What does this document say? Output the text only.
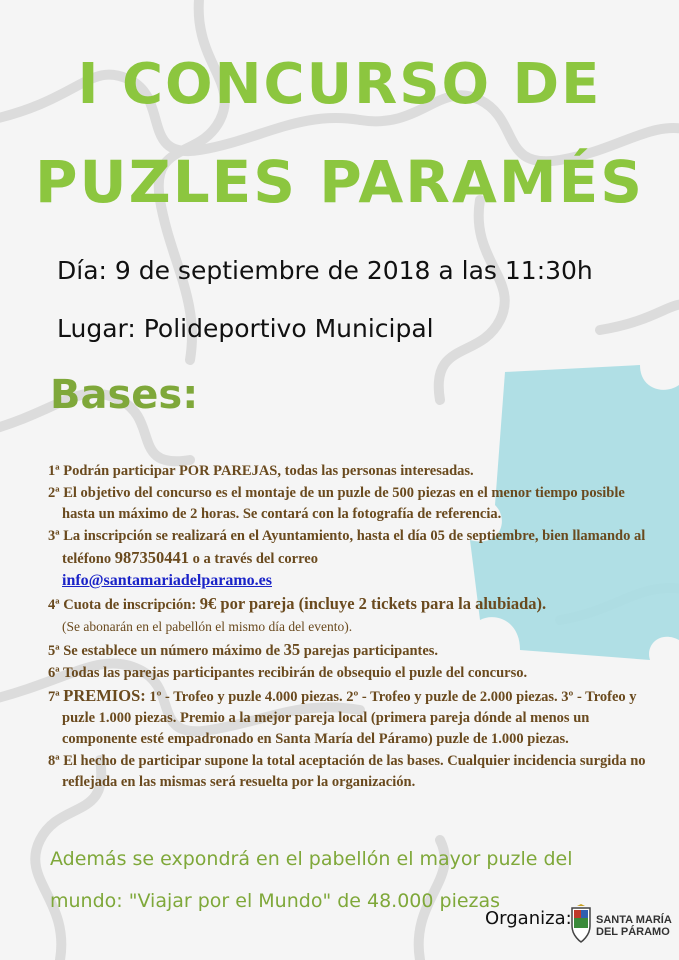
I CONCURSO DE
PUZLES PARAMÉS
Día: 9 de septiembre de 2018 a las 11:30h
Lugar: Polideportivo Municipal
Bases:
1ª Podrán participar POR PAREJAS, todas las personas interesadas.
2ª El objetivo del concurso es el montaje de un puzle de 500 piezas en el menor tiempo posible hasta un máximo de 2 horas. Se contará con la fotografía de referencia.
3ª La inscripción se realizará en el Ayuntamiento, hasta el día 05 de septiembre, bien llamando al teléfono 987350441 o a través del correo
info@santamariadelparamo.es
4ª Cuota de inscripción: 9€ por pareja (incluye 2 tickets para la alubiada).
(Se abonarán en el pabellón el mismo día del evento).
5ª Se establece un número máximo de 35 parejas participantes.
6ª Todas las parejas participantes recibirán de obsequio el puzle del concurso.
7ª PREMIOS: 1º - Trofeo y puzle 4.000 piezas. 2º - Trofeo y puzle de 2.000 piezas. 3º - Trofeo y puzle 1.000 piezas. Premio a la mejor pareja local (primera pareja dónde al menos un componente esté empadronado en Santa María del Páramo) puzle de 1.000 piezas.
8ª El hecho de participar supone la total aceptación de las bases. Cualquier incidencia surgida no reflejada en las mismas será resuelta por la organización.
Además se expondrá en el pabellón el mayor puzle del mundo: "Viajar por el Mundo" de 48.000 piezas
Organiza: SANTA MARÍA
DEL PÁRAMO
